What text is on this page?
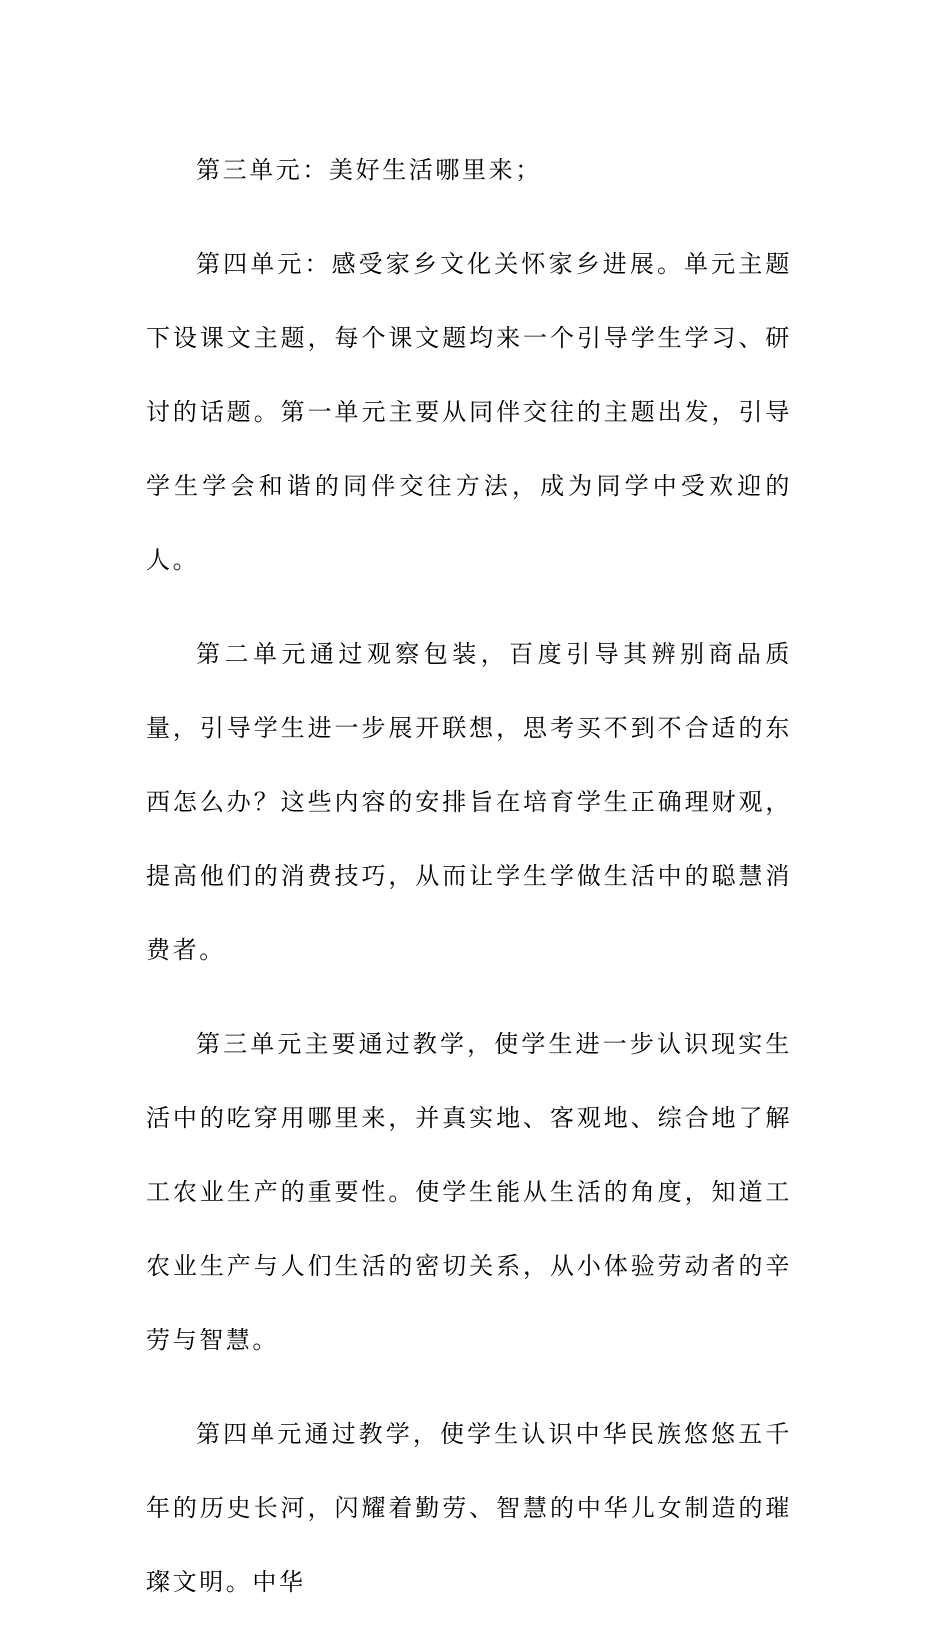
第三单元：美好生活哪里来；

第四单元：感受家乡文化关怀家乡进展。单元主题下设课文主题，每个课文题均来一个引导学生学习、研讨的话题。第一单元主要从同伴交往的主题出发，引导学生学会和谐的同伴交往方法，成为同学中受欢迎的人。

第二单元通过观察包装，百度引导其辨别商品质量，引导学生进一步展开联想，思考买不到不合适的东西怎么办？这些内容的安排旨在培育学生正确理财观，提高他们的消费技巧，从而让学生学做生活中的聪慧消费者。

第三单元主要通过教学，使学生进一步认识现实生活中的吃穿用哪里来，并真实地、客观地、综合地了解工农业生产的重要性。使学生能从生活的角度，知道工农业生产与人们生活的密切关系，从小体验劳动者的辛劳与智慧。

第四单元通过教学，使学生认识中华民族悠悠五千年的历史长河，闪耀着勤劳、智慧的中华儿女制造的璀璨文明。中华
